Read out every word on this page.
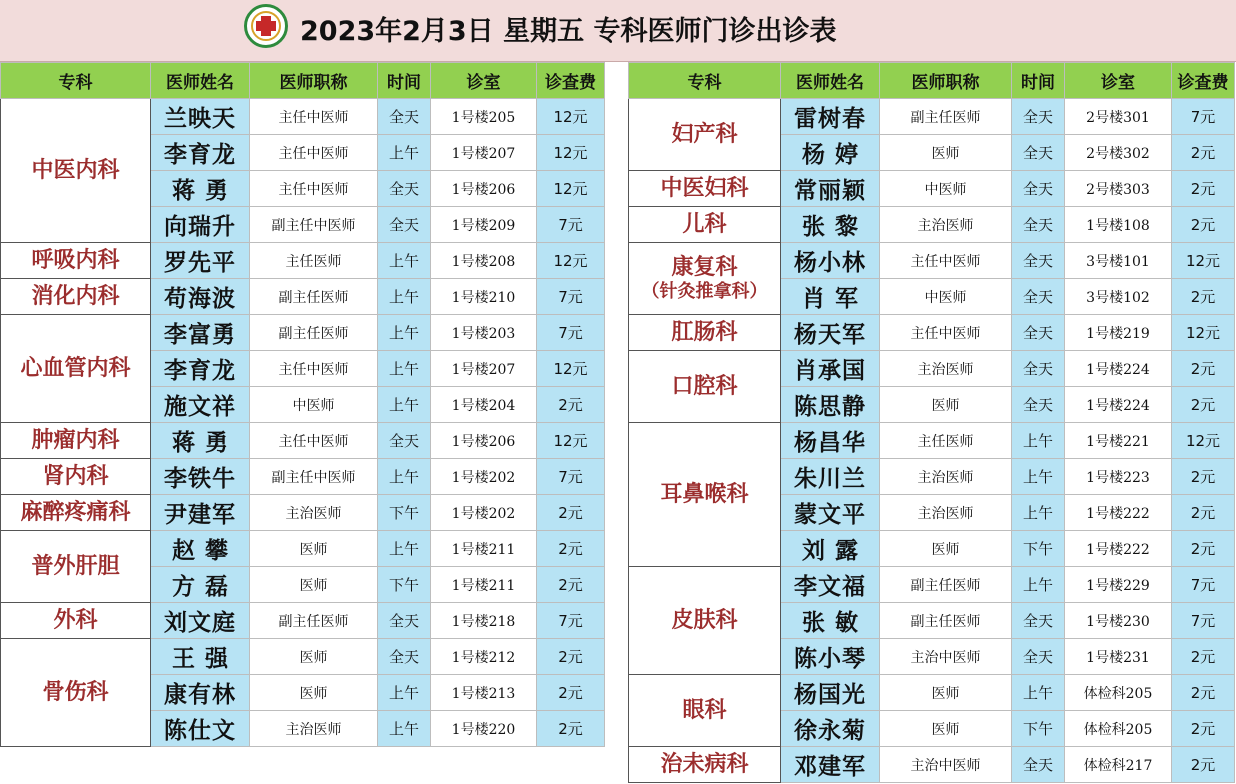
2023年2月3日 星期五 专科医师门诊出诊表
专科	医师姓名	医师职称	时间	诊室	诊查费

中医内科	兰映天	主任中医师	全天	1号楼205	12元
	李育龙	主任中医师	上午	1号楼207	12元
	蒋勇	主任中医师	全天	1号楼206	12元
	向瑞升	副主任中医师	全天	1号楼209	7元

呼吸内科	罗先平	主任医师	上午	1号楼208	12元

消化内科	苟海波	副主任医师	上午	1号楼210	7元

心血管内科	李富勇	副主任医师	上午	1号楼203	7元
	李育龙	主任中医师	上午	1号楼207	12元
	施文祥	中医师	上午	1号楼204	2元

肿瘤内科	蒋勇	主任中医师	全天	1号楼206	12元

肾内科	李铁牛	副主任中医师	上午	1号楼202	7元

麻醉疼痛科	尹建军	主治医师	下午	1号楼202	2元

普外肝胆	赵攀	医师	上午	1号楼211	2元
	方磊	医师	下午	1号楼211	2元

外科	刘文庭	副主任医师	全天	1号楼218	7元

骨伤科	王强	医师	全天	1号楼212	2元
	康有林	医师	上午	1号楼213	2元
	陈仕文	主治医师	上午	1号楼220	2元
专科	医师姓名	医师职称	时间	诊室	诊查费

妇产科	雷树春	副主任医师	全天	2号楼301	7元
	杨婷	医师	全天	2号楼302	2元

中医妇科	常丽颖	中医师	全天	2号楼303	2元

儿科	张黎	主治医师	全天	1号楼108	2元

康复科
（针灸推拿科）	杨小林	主任中医师	全天	3号楼101	12元
	肖军	中医师	全天	3号楼102	2元

肛肠科	杨天军	主任中医师	全天	1号楼219	12元

口腔科	肖承国	主治医师	全天	1号楼224	2元
	陈思静	医师	全天	1号楼224	2元

耳鼻喉科	杨昌华	主任医师	上午	1号楼221	12元
	朱川兰	主治医师	上午	1号楼223	2元
	蒙文平	主治医师	上午	1号楼222	2元
	刘露	医师	下午	1号楼222	2元

皮肤科	李文福	副主任医师	上午	1号楼229	7元
	张敏	副主任医师	全天	1号楼230	7元
	陈小琴	主治中医师	全天	1号楼231	2元

眼科	杨国光	医师	上午	体检科205	2元
	徐永菊	医师	下午	体检科205	2元

治未病科	邓建军	主治中医师	全天	体检科217	2元
